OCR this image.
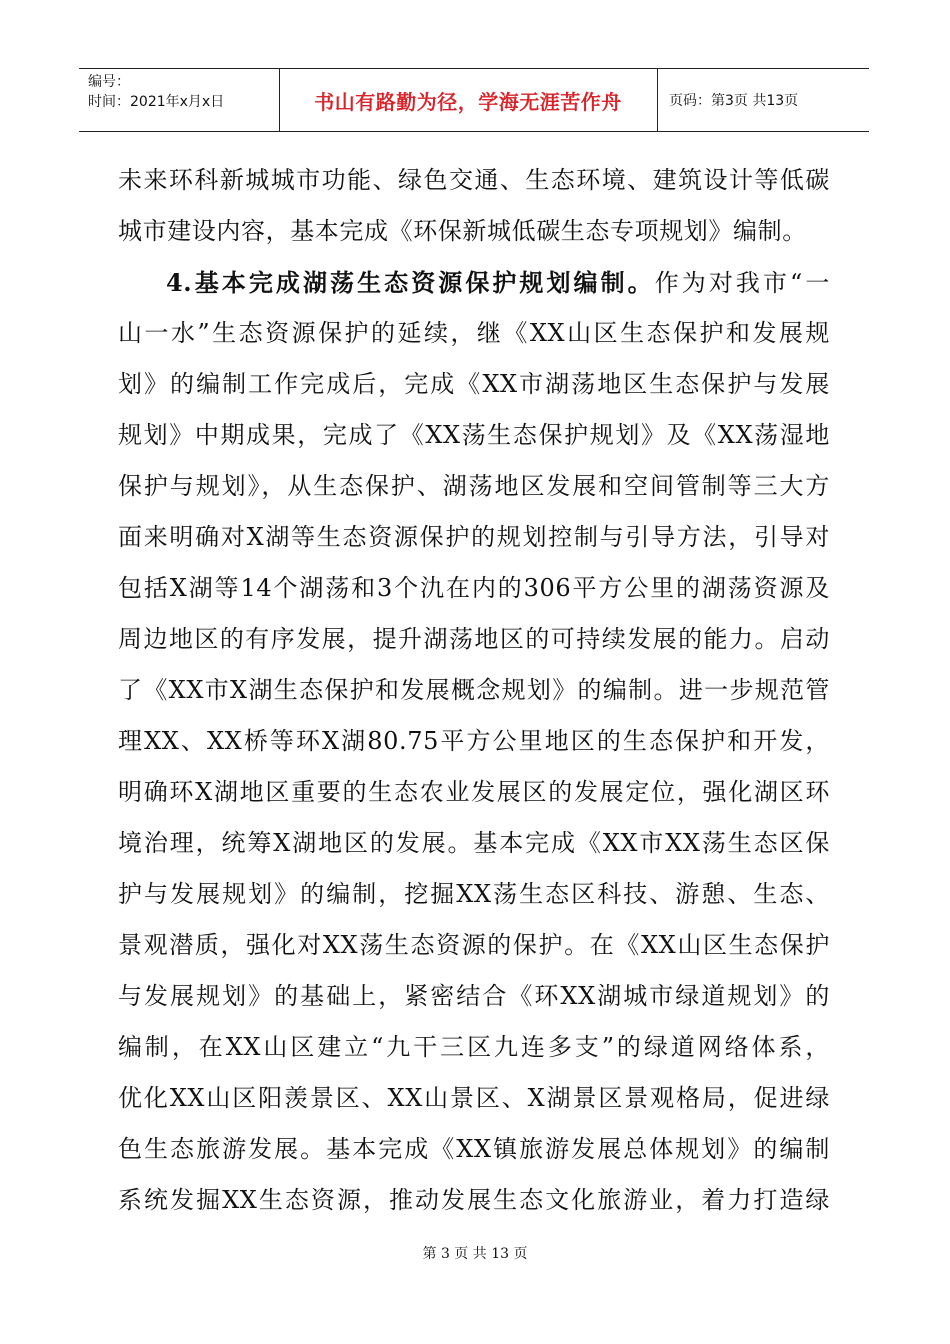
编号：
时间：2021年x月x日	书山有路勤为径，学海无涯苦作舟	页码：第3页 共13页
未来环科新城城市功能、绿色交通、生态环境、建筑设计等低碳
城市建设内容，基本完成《环保新城低碳生态专项规划》编制。
4.基本完成湖荡生态资源保护规划编制。作为对我市“一
山一水”生态资源保护的延续，继《XX山区生态保护和发展规
划》的编制工作完成后，完成《XX市湖荡地区生态保护与发展
规划》中期成果，完成了《XX荡生态保护规划》及《XX荡湿地
保护与规划》，从生态保护、湖荡地区发展和空间管制等三大方
面来明确对X湖等生态资源保护的规划控制与引导方法，引导对
包括X湖等14个湖荡和3个氿在内的306平方公里的湖荡资源及
周边地区的有序发展，提升湖荡地区的可持续发展的能力。启动
了《XX市X湖生态保护和发展概念规划》的编制。进一步规范管
理XX、XX桥等环X湖80.75平方公里地区的生态保护和开发，
明确环X湖地区重要的生态农业发展区的发展定位，强化湖区环
境治理，统筹X湖地区的发展。基本完成《XX市XX荡生态区保
护与发展规划》的编制，挖掘XX荡生态区科技、游憩、生态、
景观潜质，强化对XX荡生态资源的保护。在《XX山区生态保护
与发展规划》的基础上，紧密结合《环XX湖城市绿道规划》的
编制，在XX山区建立“九干三区九连多支”的绿道网络体系，
优化XX山区阳羡景区、XX山景区、X湖景区景观格局，促进绿
色生态旅游发展。基本完成《XX镇旅游发展总体规划》的编制
系统发掘XX生态资源，推动发展生态文化旅游业，着力打造绿
第 3 页 共 13 页
